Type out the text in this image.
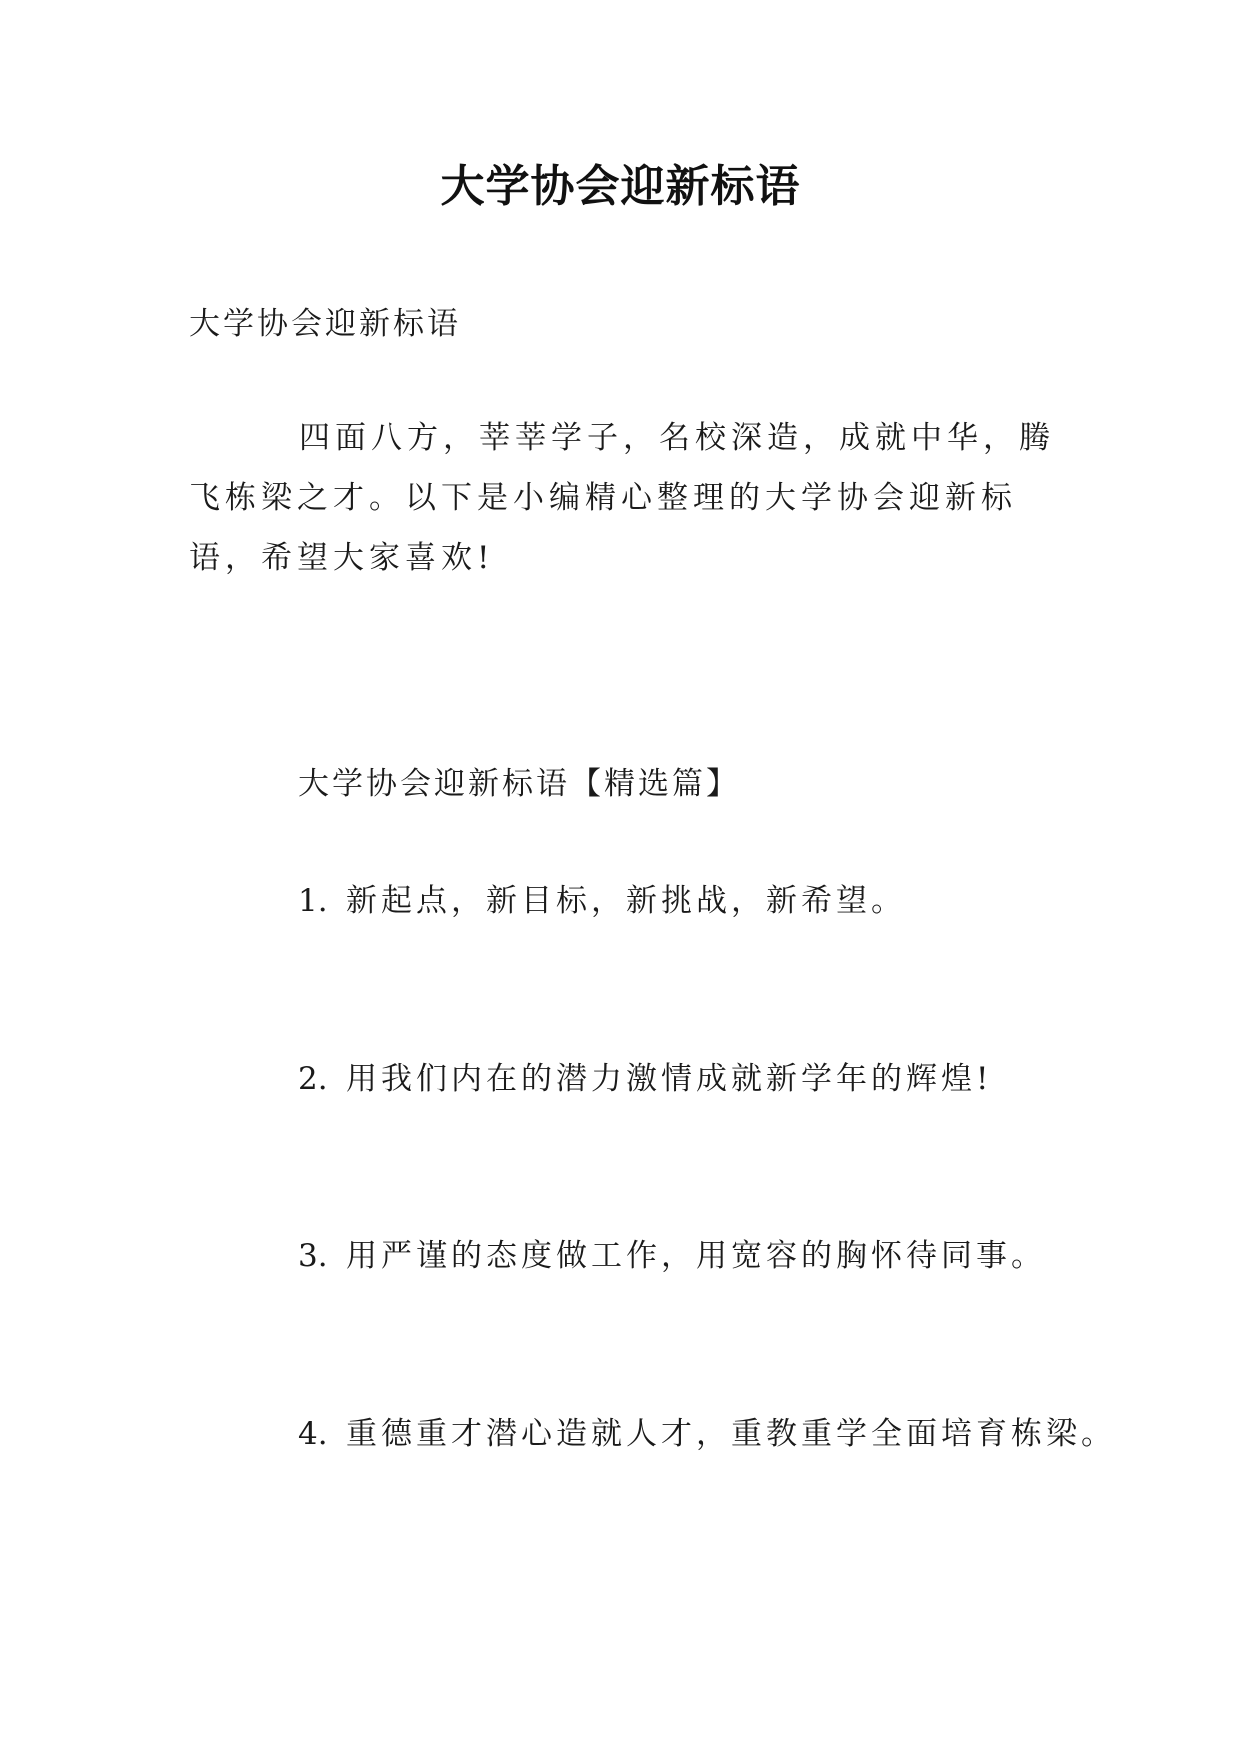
大学协会迎新标语
大学协会迎新标语

四面八方，莘莘学子，名校深造，成就中华，腾飞栋梁之才。以下是小编精心整理的大学协会迎新标语，希望大家喜欢!

大学协会迎新标语【精选篇】
1. 新起点，新目标，新挑战，新希望。
2. 用我们内在的潜力激情成就新学年的辉煌!
3. 用严谨的态度做工作，用宽容的胸怀待同事。
4. 重德重才潜心造就人才，重教重学全面培育栋梁。
